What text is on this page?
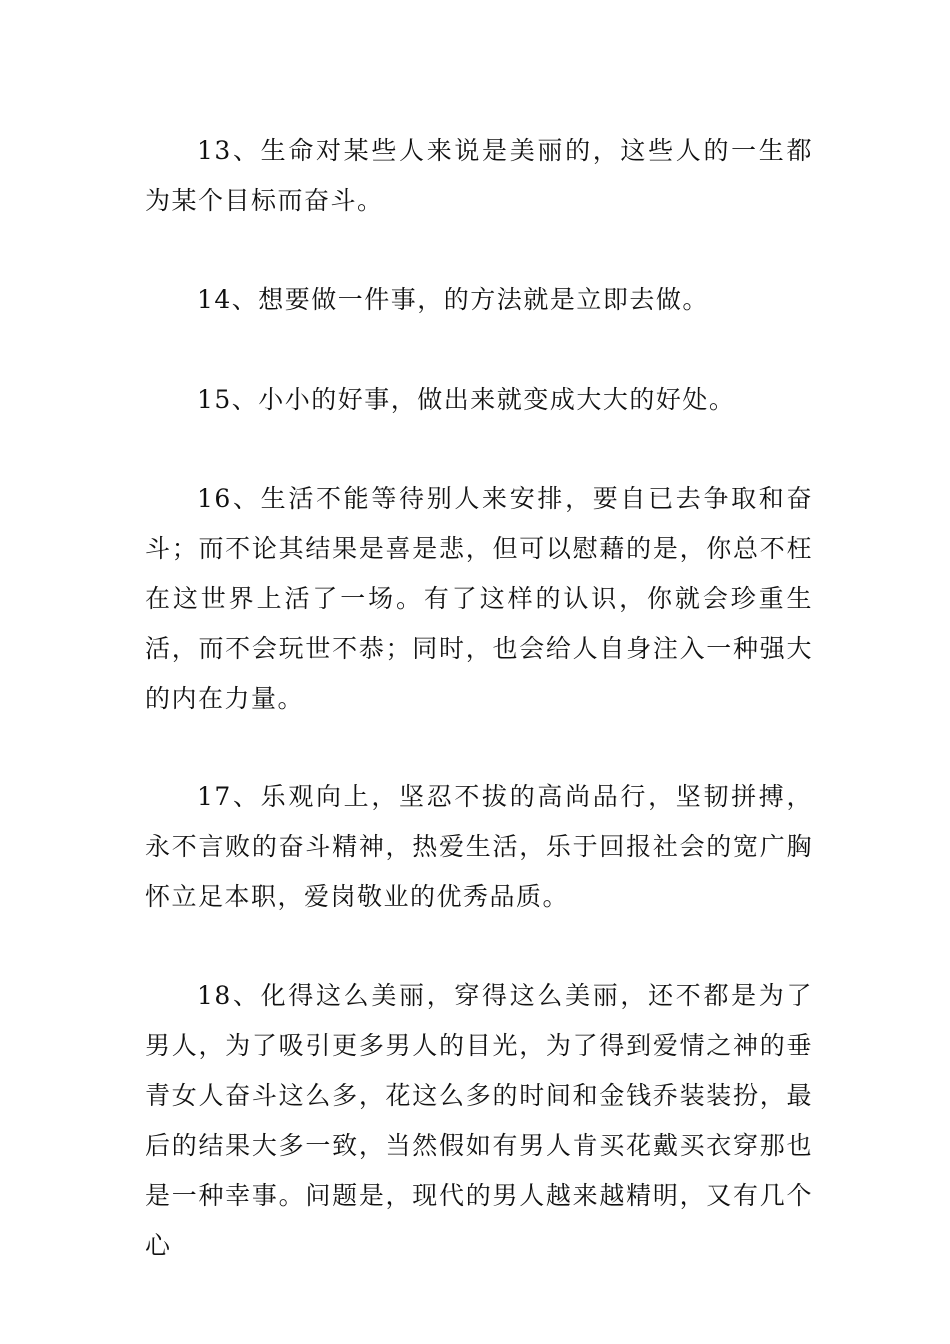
13、生命对某些人来说是美丽的，这些人的一生都为某个目标而奋斗。

14、想要做一件事，的方法就是立即去做。

15、小小的好事，做出来就变成大大的好处。

16、生活不能等待别人来安排，要自已去争取和奋斗；而不论其结果是喜是悲，但可以慰藉的是，你总不枉在这世界上活了一场。有了这样的认识，你就会珍重生活，而不会玩世不恭；同时，也会给人自身注入一种强大的内在力量。

17、乐观向上，坚忍不拔的高尚品行，坚韧拼搏，永不言败的奋斗精神，热爱生活，乐于回报社会的宽广胸怀立足本职，爱岗敬业的优秀品质。

18、化得这么美丽，穿得这么美丽，还不都是为了男人，为了吸引更多男人的目光，为了得到爱情之神的垂青女人奋斗这么多，花这么多的时间和金钱乔装装扮，最后的结果大多一致，当然假如有男人肯买花戴买衣穿那也是一种幸事。问题是，现代的男人越来越精明，又有几个心
